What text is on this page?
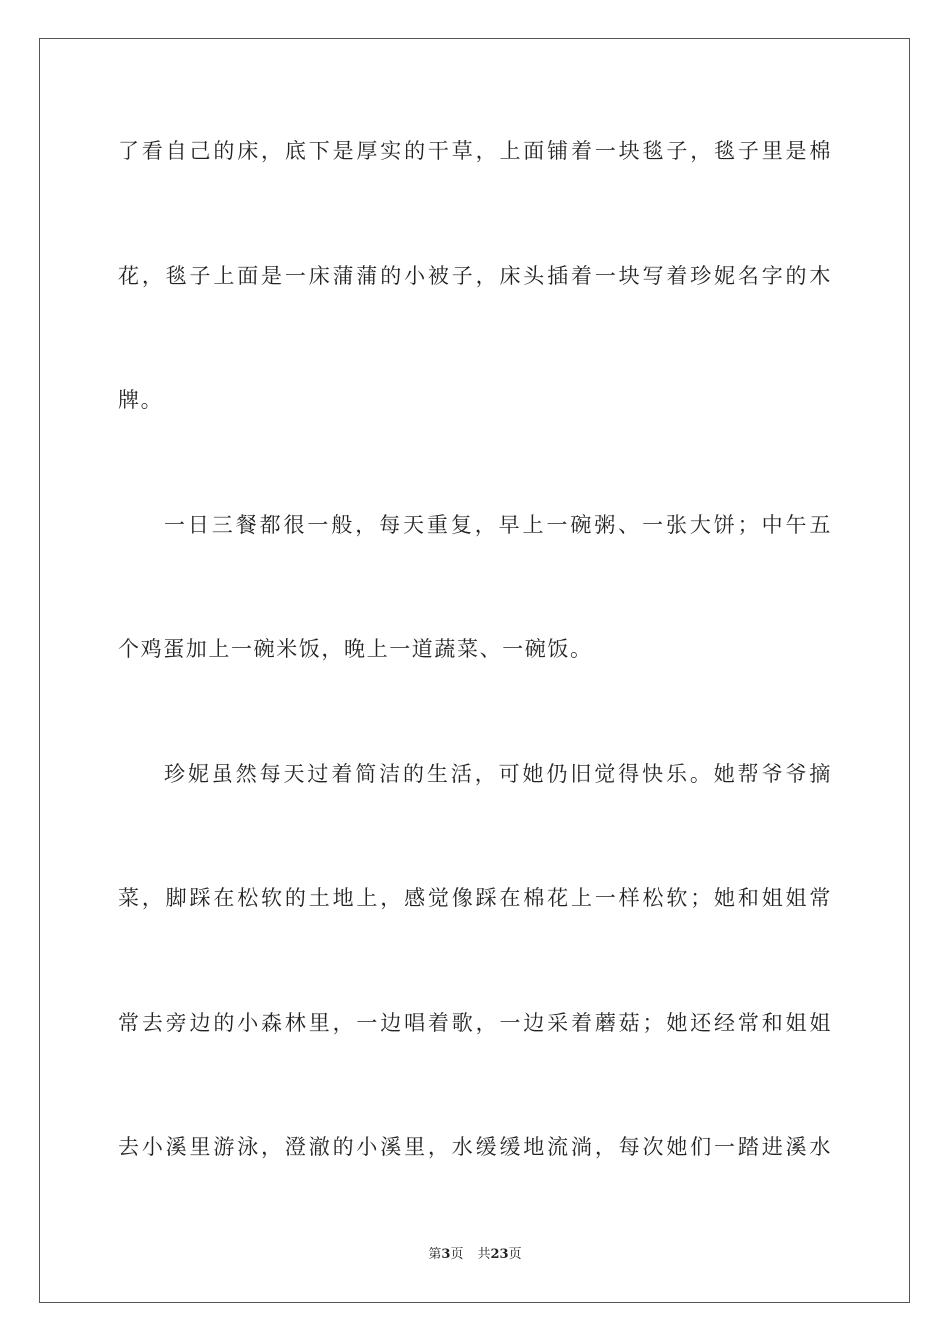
了看自己的床，底下是厚实的干草，上面铺着一块毯子，毯子里是棉
花，毯子上面是一床蒲蒲的小被子，床头插着一块写着珍妮名字的木
牌。
一日三餐都很一般，每天重复，早上一碗粥、一张大饼；中午五
个鸡蛋加上一碗米饭，晚上一道蔬菜、一碗饭。
珍妮虽然每天过着简洁的生活，可她仍旧觉得快乐。她帮爷爷摘
菜，脚踩在松软的土地上，感觉像踩在棉花上一样松软；她和姐姐常
常去旁边的小森林里，一边唱着歌，一边采着蘑菇；她还经常和姐姐
去小溪里游泳，澄澈的小溪里，水缓缓地流淌，每次她们一踏进溪水
第3页 共23页
